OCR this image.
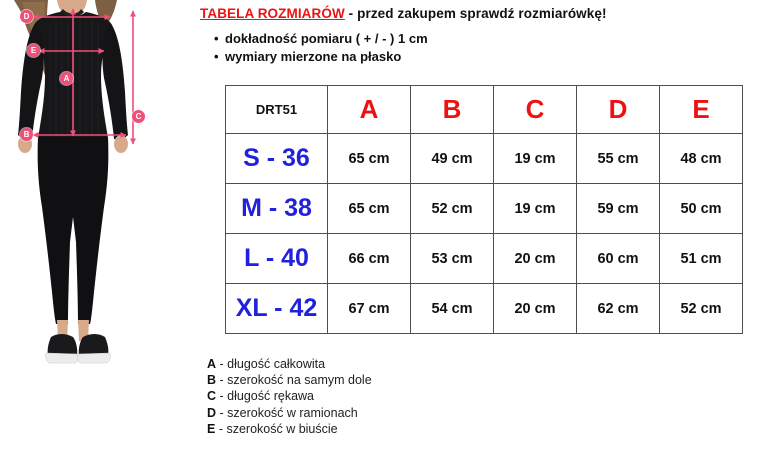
A
B
C
D
E
TABELA ROZMIARÓW - przed zakupem sprawdź rozmiarówkę!
• dokładność pomiaru ( + / - ) 1 cm
• wymiary mierzone na płasko
DRT51	A	B	C	D	E
S - 36	65 cm	49 cm	19 cm	55 cm	48 cm
M - 38	65 cm	52 cm	19 cm	59 cm	50 cm
L - 40	66 cm	53 cm	20 cm	60 cm	51 cm
XL - 42	67 cm	54 cm	20 cm	62 cm	52 cm
A - długość całkowita
B - szerokość na samym dole
C - długość rękawa
D - szerokość w ramionach
E - szerokość w biuście
